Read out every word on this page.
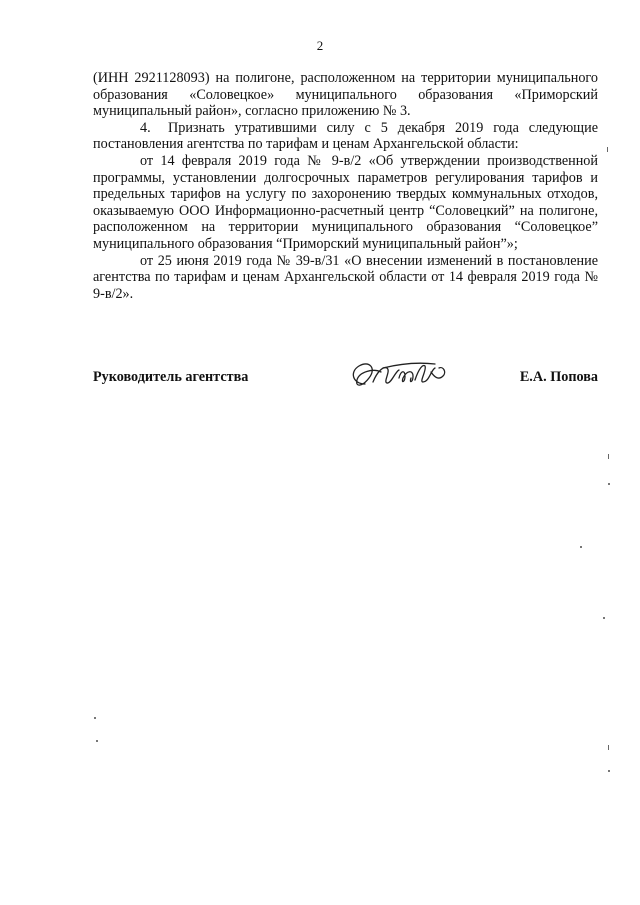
2

(ИНН 2921128093) на полигоне, расположенном на территории муниципального образования «Соловецкое» муниципального образования «Приморский муниципальный район», согласно приложению № 3.

4. Признать утратившими силу с 5 декабря 2019 года следующие постановления агентства по тарифам и ценам Архангельской области:

от 14 февраля 2019 года № 9-в/2 «Об утверждении производственной программы, установлении долгосрочных параметров регулирования тарифов и предельных тарифов на услугу по захоронению твердых коммунальных отходов, оказываемую ООО Информационно-расчетный центр “Соловецкий” на полигоне, расположенном на территории муниципального образования “Соловецкое” муниципального образования “Приморский муниципальный район”»;

от 25 июня 2019 года № 39-в/31 «О внесении изменений в постановление агентства по тарифам и ценам Архангельской области от 14 февраля 2019 года № 9-в/2».

Руководитель агентства	Е.А. Попова
